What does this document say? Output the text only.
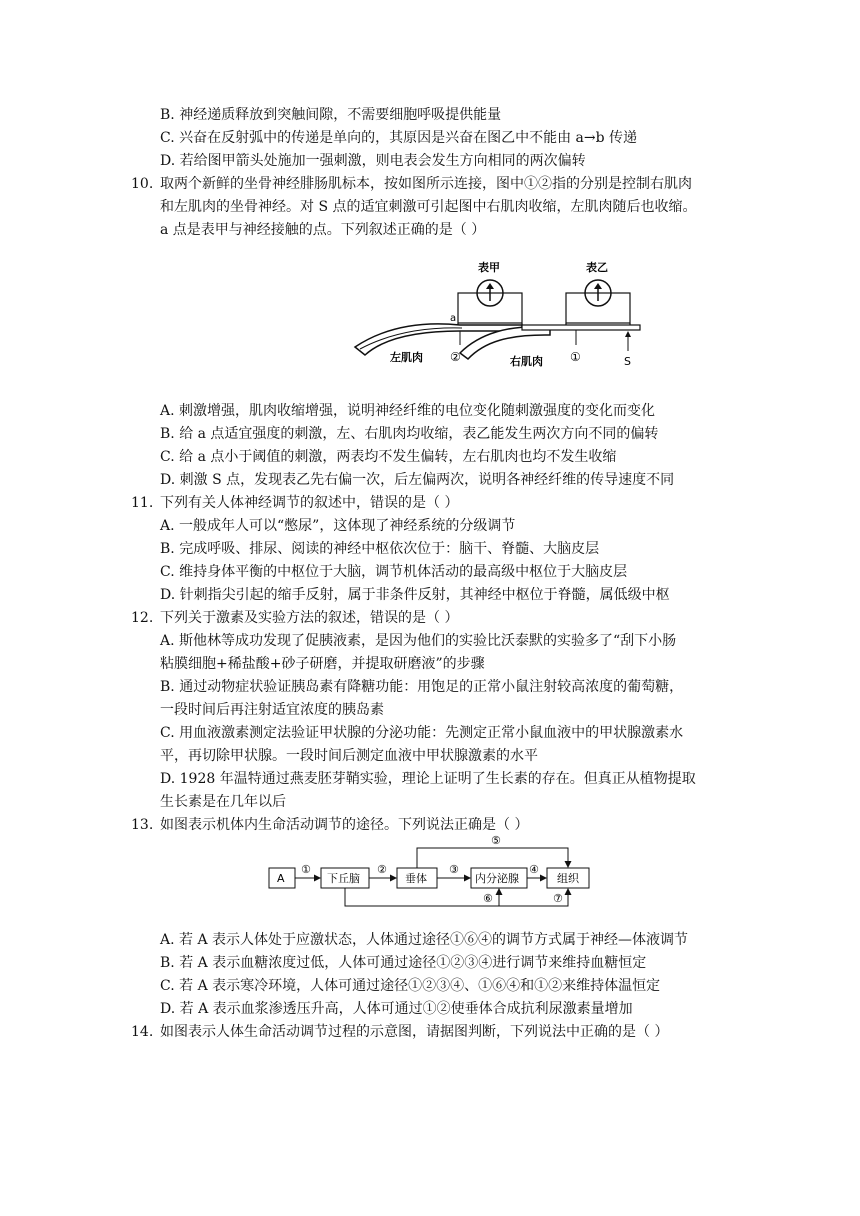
B. 神经递质释放到突触间隙，不需要细胞呼吸提供能量
C. 兴奋在反射弧中的传递是单向的，其原因是兴奋在图乙中不能由 a→b 传递
D. 若给图甲箭头处施加一强刺激，则电表会发生方向相同的两次偏转
10. 取两个新鲜的坐骨神经腓肠肌标本，按如图所示连接，图中①②指的分别是控制右肌肉
和左肌肉的坐骨神经。对 S 点的适宜刺激可引起图中右肌肉收缩，左肌肉随后也收缩。
a 点是表甲与神经接触的点。下列叙述正确的是（ ）
表甲	表乙
a
左肌肉 ②	右肌肉 ①	S
A. 刺激增强，肌肉收缩增强，说明神经纤维的电位变化随刺激强度的变化而变化
B. 给 a 点适宜强度的刺激，左、右肌肉均收缩，表乙能发生两次方向不同的偏转
C. 给 a 点小于阈值的刺激，两表均不发生偏转，左右肌肉也均不发生收缩
D. 刺激 S 点，发现表乙先右偏一次，后左偏两次，说明各神经纤维的传导速度不同
11. 下列有关人体神经调节的叙述中，错误的是（ ）
A. 一般成年人可以“憋尿”，这体现了神经系统的分级调节
B. 完成呼吸、排尿、阅读的神经中枢依次位于：脑干、脊髓、大脑皮层
C. 维持身体平衡的中枢位于大脑，调节机体活动的最高级中枢位于大脑皮层
D. 针刺指尖引起的缩手反射，属于非条件反射，其神经中枢位于脊髓，属低级中枢
12. 下列关于激素及实验方法的叙述，错误的是（ ）
A. 斯他林等成功发现了促胰液素，是因为他们的实验比沃泰默的实验多了“刮下小肠
粘膜细胞+稀盐酸+砂子研磨，并提取研磨液”的步骤
B. 通过动物症状验证胰岛素有降糖功能：用饱足的正常小鼠注射较高浓度的葡萄糖，
一段时间后再注射适宜浓度的胰岛素
C. 用血液激素测定法验证甲状腺的分泌功能：先测定正常小鼠血液中的甲状腺激素水
平，再切除甲状腺。一段时间后测定血液中甲状腺激素的水平
D. 1928 年温特通过燕麦胚芽鞘实验，理论上证明了生长素的存在。但真正从植物提取
生长素是在几年以后
13. 如图表示机体内生命活动调节的途径。下列说法正确是（ ）
A	下丘脑	垂体	内分泌腺	组织
①	②	③	④
⑤
⑥	⑦
A. 若 A 表示人体处于应激状态，人体通过途径①⑥④的调节方式属于神经—体液调节
B. 若 A 表示血糖浓度过低，人体可通过途径①②③④进行调节来维持血糖恒定
C. 若 A 表示寒冷环境，人体可通过途径①②③④、①⑥④和①②来维持体温恒定
D. 若 A 表示血浆渗透压升高，人体可通过①②使垂体合成抗利尿激素量增加
14. 如图表示人体生命活动调节过程的示意图，请据图判断，下列说法中正确的是（ ）
